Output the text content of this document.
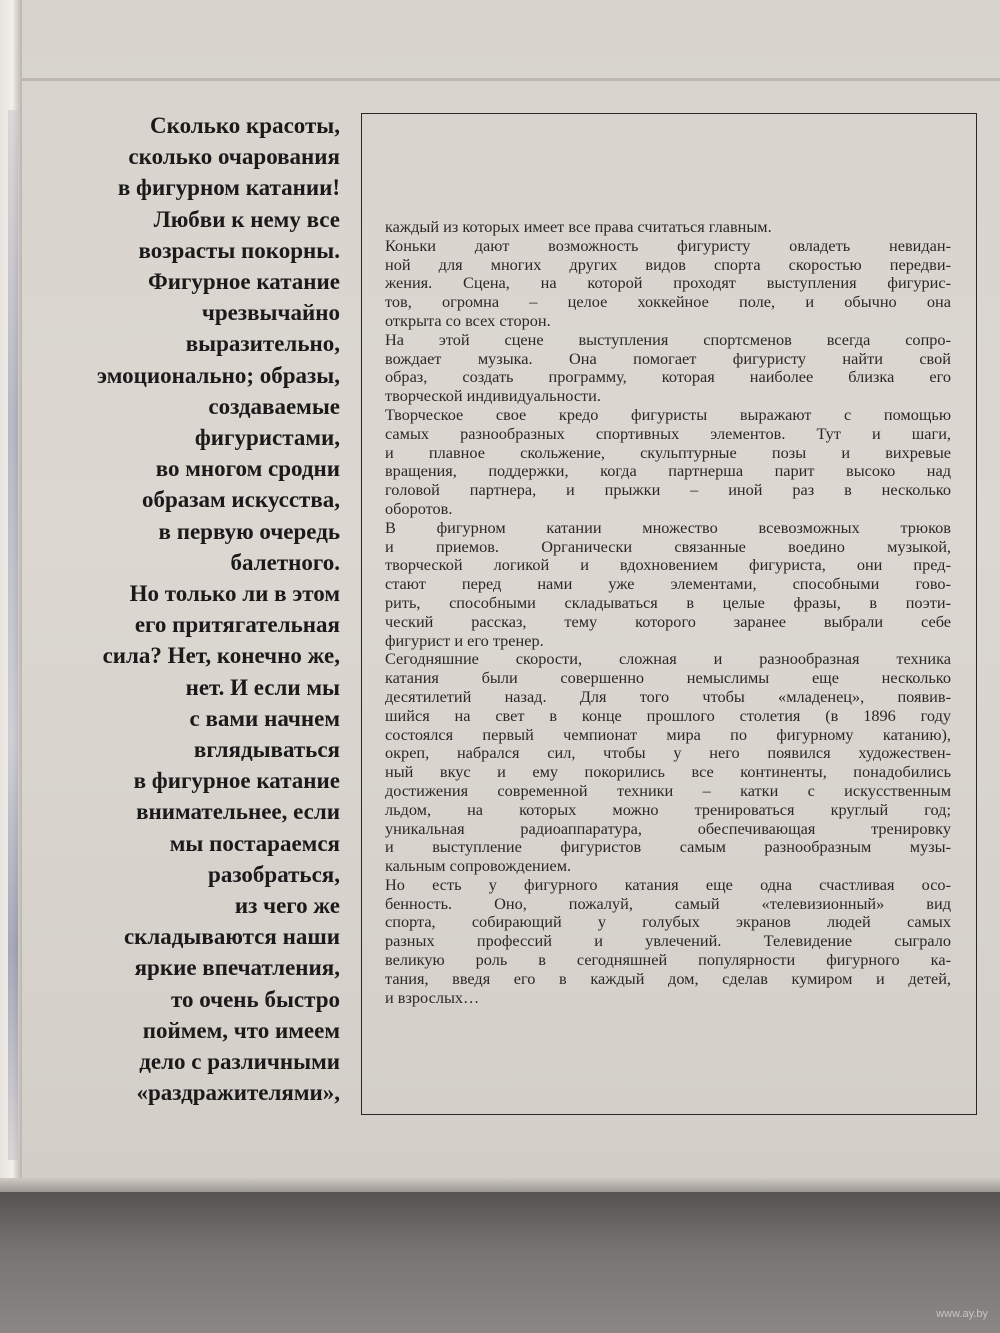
Сколько красоты,
сколько очарования
в фигурном катании!
Любви к нему все
возрасты покорны.
Фигурное катание
чрезвычайно
выразительно,
эмоционально; образы,
создаваемые
фигуристами,
во многом сродни
образам искусства,
в первую очередь
балетного.
Но только ли в этом
его притягательная
сила? Нет, конечно же,
нет. И если мы
с вами начнем
вглядываться
в фигурное катание
внимательнее, если
мы постараемся
разобраться,
из чего же
складываются наши
яркие впечатления,
то очень быстро
поймем, что имеем
дело с различными
«раздражителями»,
каждый из которых имеет все права считаться главным.
Коньки дают возможность фигуристу овладеть невидан-
ной для многих других видов спорта скоростью передви-
жения. Сцена, на которой проходят выступления фигурис-
тов, огромна – целое хоккейное поле, и обычно она
открыта со всех сторон.
На этой сцене выступления спортсменов всегда сопро-
вождает музыка. Она помогает фигуристу найти свой
образ, создать программу, которая наиболее близка его
творческой индивидуальности.
Творческое свое кредо фигуристы выражают с помощью
самых разнообразных спортивных элементов. Тут и шаги,
и плавное скольжение, скульптурные позы и вихревые
вращения, поддержки, когда партнерша парит высоко над
головой партнера, и прыжки – иной раз в несколько
оборотов.
В фигурном катании множество всевозможных трюков
и приемов. Органически связанные воедино музыкой,
творческой логикой и вдохновением фигуриста, они пред-
стают перед нами уже элементами, способными гово-
рить, способными складываться в целые фразы, в поэти-
ческий рассказ, тему которого заранее выбрали себе
фигурист и его тренер.
Сегодняшние скорости, сложная и разнообразная техника
катания были совершенно немыслимы еще несколько
десятилетий назад. Для того чтобы «младенец», появив-
шийся на свет в конце прошлого столетия (в 1896 году
состоялся первый чемпионат мира по фигурному катанию),
окреп, набрался сил, чтобы у него появился художествен-
ный вкус и ему покорились все континенты, понадобились
достижения современной техники – катки с искусственным
льдом, на которых можно тренироваться круглый год;
уникальная радиоаппаратура, обеспечивающая тренировку
и выступление фигуристов самым разнообразным музы-
кальным сопровождением.
Но есть у фигурного катания еще одна счастливая осо-
бенность. Оно, пожалуй, самый «телевизионный» вид
спорта, собирающий у голубых экранов людей самых
разных профессий и увлечений. Телевидение сыграло
великую роль в сегодняшней популярности фигурного ка-
тания, введя его в каждый дом, сделав кумиром и детей,
и взрослых…
www.ay.by
